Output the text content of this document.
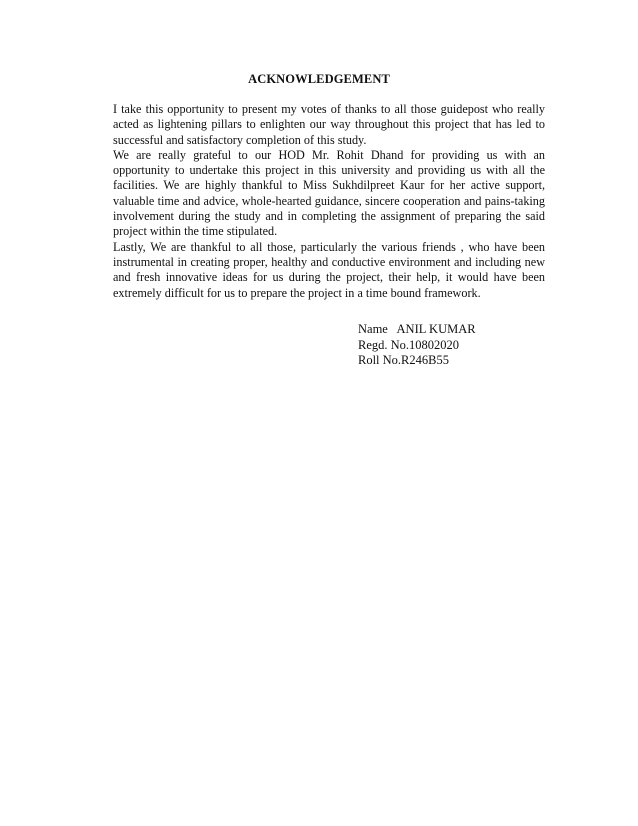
ACKNOWLEDGEMENT

I take this opportunity to present my votes of thanks to all those guidepost who really acted as lightening pillars to enlighten our way throughout this project that has led to successful and satisfactory completion of this study.

We are really grateful to our HOD Mr. Rohit Dhand for providing us with an opportunity to undertake this project in this university and providing us with all the facilities. We are highly thankful to Miss Sukhdilpreet Kaur for her active support, valuable time and advice, whole-hearted guidance, sincere cooperation and pains-taking involvement during the study and in completing the assignment of preparing the said project within the time stipulated.

Lastly, We are thankful to all those, particularly the various friends , who have been instrumental in creating proper, healthy and conductive environment and including new and fresh innovative ideas for us during the project, their help, it would have been extremely difficult for us to prepare the project in a time bound framework.

Name   ANIL KUMAR
Regd. No.10802020
Roll No.R246B55
